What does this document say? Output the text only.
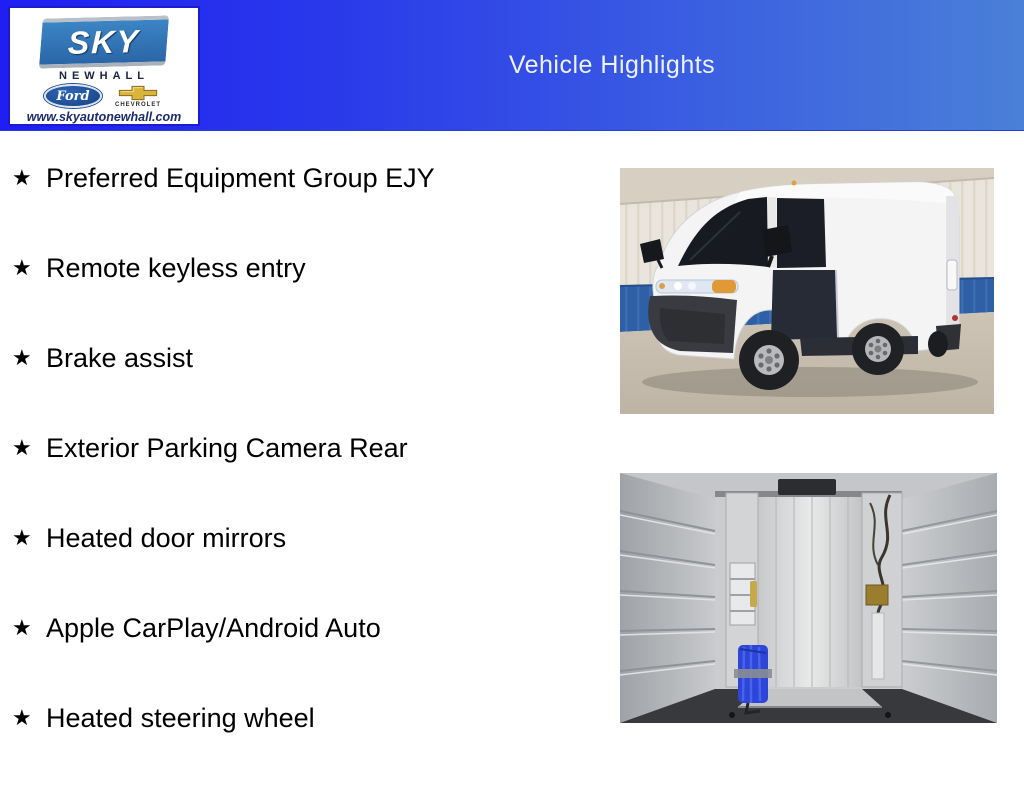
Vehicle Highlights
SKY
NEWHALL
Ford
CHEVROLET
www.skyautonewhall.com
★ Preferred Equipment Group EJY
★ Remote keyless entry
★ Brake assist
★ Exterior Parking Camera Rear
★ Heated door mirrors
★ Apple CarPlay/Android Auto
★ Heated steering wheel
